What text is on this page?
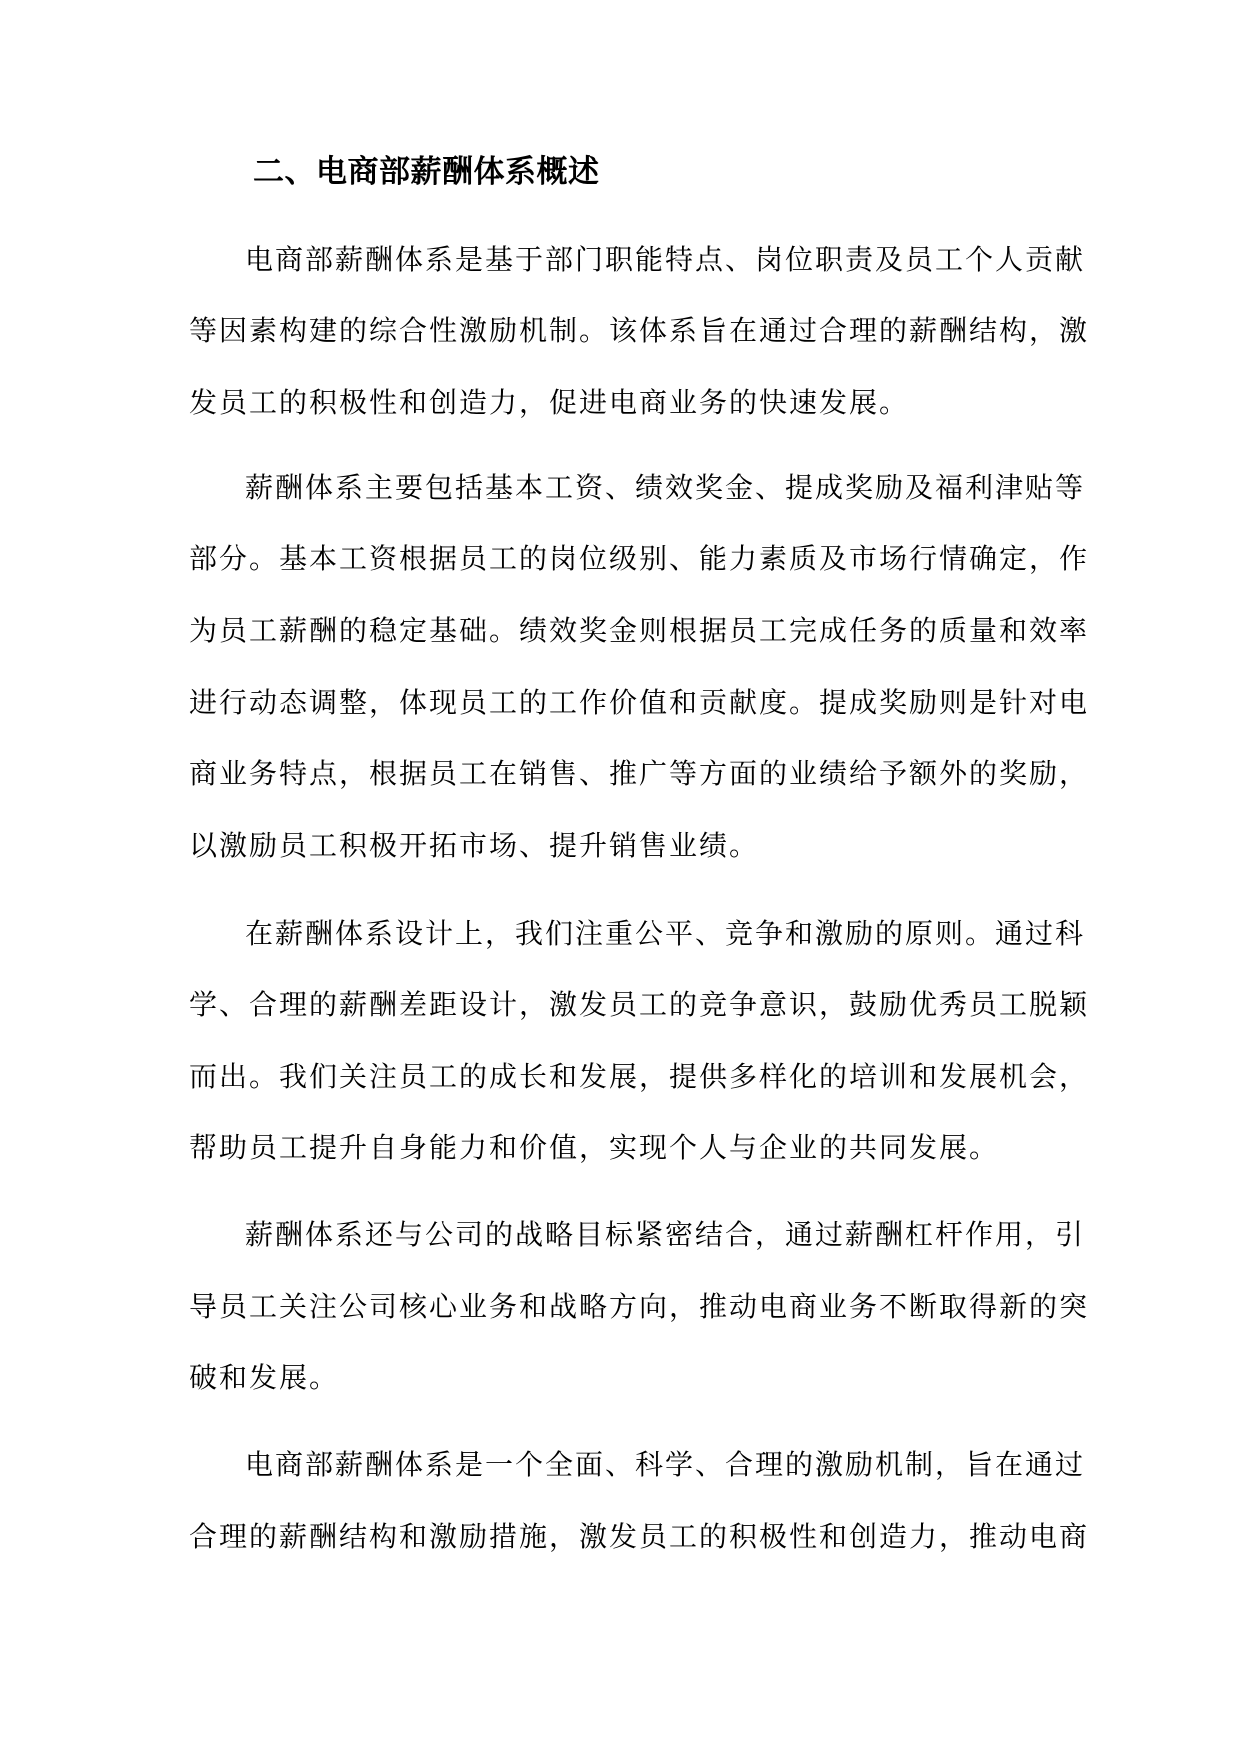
二、电商部薪酬体系概述

电商部薪酬体系是基于部门职能特点、岗位职责及员工个人贡献

等因素构建的综合性激励机制。该体系旨在通过合理的薪酬结构，激

发员工的积极性和创造力，促进电商业务的快速发展。

薪酬体系主要包括基本工资、绩效奖金、提成奖励及福利津贴等

部分。基本工资根据员工的岗位级别、能力素质及市场行情确定，作

为员工薪酬的稳定基础。绩效奖金则根据员工完成任务的质量和效率

进行动态调整，体现员工的工作价值和贡献度。提成奖励则是针对电

商业务特点，根据员工在销售、推广等方面的业绩给予额外的奖励，

以激励员工积极开拓市场、提升销售业绩。

在薪酬体系设计上，我们注重公平、竞争和激励的原则。通过科

学、合理的薪酬差距设计，激发员工的竞争意识，鼓励优秀员工脱颖

而出。我们关注员工的成长和发展，提供多样化的培训和发展机会，

帮助员工提升自身能力和价值，实现个人与企业的共同发展。

薪酬体系还与公司的战略目标紧密结合，通过薪酬杠杆作用，引

导员工关注公司核心业务和战略方向，推动电商业务不断取得新的突

破和发展。

电商部薪酬体系是一个全面、科学、合理的激励机制，旨在通过

合理的薪酬结构和激励措施，激发员工的积极性和创造力，推动电商
